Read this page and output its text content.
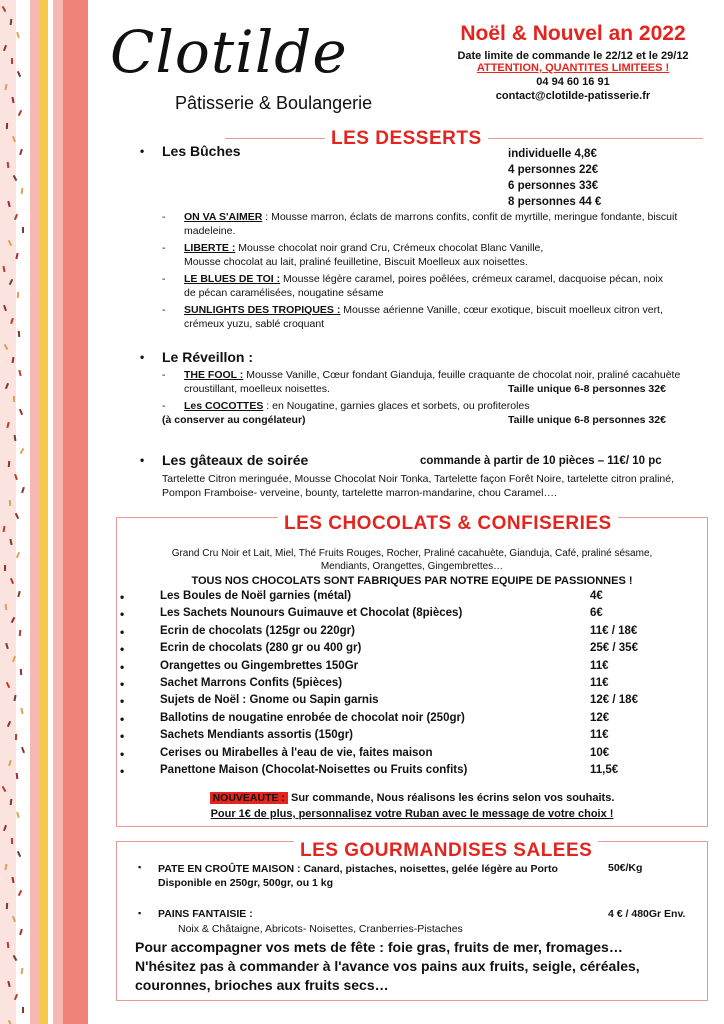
Clotilde
Pâtisserie & Boulangerie
Noël & Nouvel an 2022
Date limite de commande le 22/12 et le 29/12
ATTENTION, QUANTITES LIMITEES !
04 94 60 16 91
contact@clotilde-patisserie.fr
LES DESSERTS
• Les Bûches	individuelle 4,8€
4 personnes 22€
6 personnes 33€
8 personnes 44 €
- ON VA S'AIMER : Mousse marron, éclats de marrons confits, confit de myrtille, meringue fondante, biscuit
madeleine.
- LIBERTE : Mousse chocolat noir grand Cru, Crémeux chocolat Blanc Vanille,
Mousse chocolat au lait, praliné feuilletine, Biscuit Moelleux aux noisettes.
- LE BLUES DE TOI : Mousse légère caramel, poires poêlées, crémeux caramel, dacquoise pécan, noix
de pécan caramélisées, nougatine sésame
- SUNLIGHTS DES TROPIQUES : Mousse aérienne Vanille, cœur exotique, biscuit moelleux citron vert,
crémeux yuzu, sablé croquant
• Le Réveillon :
- THE FOOL : Mousse Vanille, Cœur fondant Gianduja, feuille craquante de chocolat noir, praliné cacahuète
croustillant, moelleux noisettes.	Taille unique 6-8 personnes 32€
- Les COCOTTES : en Nougatine, garnies glaces et sorbets, ou profiteroles
(à conserver au congélateur)	Taille unique 6-8 personnes 32€
• Les gâteaux de soirée	commande à partir de 10 pièces – 11€/ 10 pc
Tartelette Citron meringuée, Mousse Chocolat Noir Tonka, Tartelette façon Forêt Noire, tartelette citron praliné,
Pompon Framboise- verveine, bounty, tartelette marron-mandarine, chou Caramel….
LES CHOCOLATS & CONFISERIES
Grand Cru Noir et Lait, Miel, Thé Fruits Rouges, Rocher, Praliné cacahuète, Gianduja, Café, praliné sésame,
Mendiants, Orangettes, Gingembrettes…
TOUS NOS CHOCOLATS SONT FABRIQUES PAR NOTRE EQUIPE DE PASSIONNES !
•	Les Boules de Noël garnies (métal)	4€
•	Les Sachets Nounours Guimauve et Chocolat (8pièces)	6€
•	Ecrin de chocolats (125gr ou 220gr)	11€ / 18€
•	Ecrin de chocolats (280 gr ou 400 gr)	25€ / 35€
•	Orangettes ou Gingembrettes 150Gr	11€
•	Sachet Marrons Confits (5pièces)	11€
•	Sujets de Noël : Gnome ou Sapin garnis	12€ / 18€
•	Ballotins de nougatine enrobée de chocolat noir (250gr)	12€
•	Sachets Mendiants assortis (150gr)	11€
•	Cerises ou Mirabelles à l'eau de vie, faites maison	10€
•	Panettone Maison (Chocolat-Noisettes ou Fruits confits)	11,5€
NOUVEAUTE : Sur commande, Nous réalisons les écrins selon vos souhaits.
Pour 1€ de plus, personnalisez votre Ruban avec le message de votre choix !
LES GOURMANDISES SALEES
▪ PATE EN CROÛTE MAISON : Canard, pistaches, noisettes, gelée légère au Porto
Disponible en 250gr, 500gr, ou 1 kg
50€/Kg
▪ PAINS FANTAISIE :	4 € / 480Gr Env.
Noix & Châtaigne, Abricots- Noisettes, Cranberries-Pistaches
Pour accompagner vos mets de fête : foie gras, fruits de mer, fromages…
N'hésitez pas à commander à l'avance vos pains aux fruits, seigle, céréales,
couronnes, brioches aux fruits secs…
